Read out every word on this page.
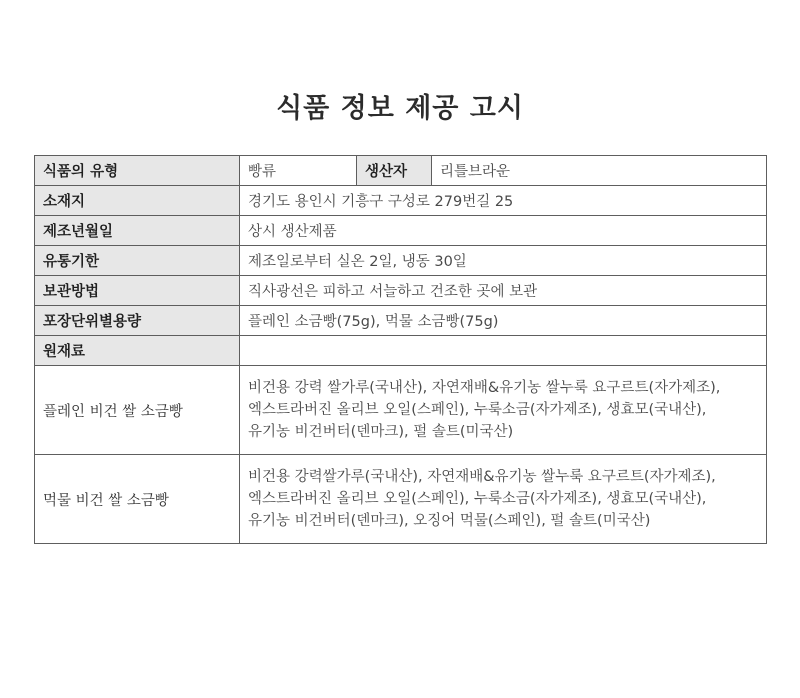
식품 정보 제공 고시
식품의 유형	빵류	생산자	리틀브라운
소재지	경기도 용인시 기흥구 구성로 279번길 25		
제조년월일	상시 생산제품		
유통기한	제조일로부터 실온 2일, 냉동 30일		
보관방법	직사광선은 피하고 서늘하고 건조한 곳에 보관		
포장단위별용량	플레인 소금빵(75g), 먹물 소금빵(75g)		
원재료			
플레인 비건 쌀 소금빵	비건용 강력 쌀가루(국내산), 자연재배&유기농 쌀누룩 요구르트(자가제조),
엑스트라버진 올리브 오일(스페인), 누룩소금(자가제조), 생효모(국내산),
유기농 비건버터(덴마크), 펄 솔트(미국산)		

먹물 비건 쌀 소금빵	비건용 강력쌀가루(국내산), 자연재배&유기농 쌀누룩 요구르트(자가제조),
엑스트라버진 올리브 오일(스페인), 누룩소금(자가제조), 생효모(국내산),
유기농 비건버터(덴마크), 오징어 먹물(스페인), 펄 솔트(미국산)		
